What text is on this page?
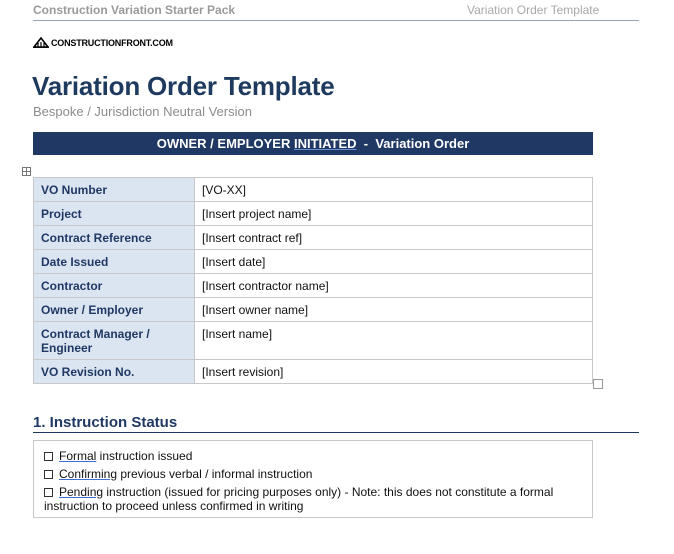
Construction Variation Starter Pack	Variation Order Template
CONSTRUCTIONFRONT.COM
Variation Order Template
Bespoke / Jurisdiction Neutral Version
OWNER / EMPLOYER INITIATED -  Variation Order
VO Number	[VO-XX]
Project	[Insert project name]
Contract Reference	[Insert contract ref]
Date Issued	[Insert date]
Contractor	[Insert contractor name]
Owner / Employer	[Insert owner name]
Contract Manager / Engineer	[Insert name]
VO Revision No.	[Insert revision]
1. Instruction Status
Formal instruction issued
Confirming previous verbal / informal instruction
Pending instruction (issued for pricing purposes only) - Note: this does not constitute a formal
instruction to proceed unless confirmed in writing
